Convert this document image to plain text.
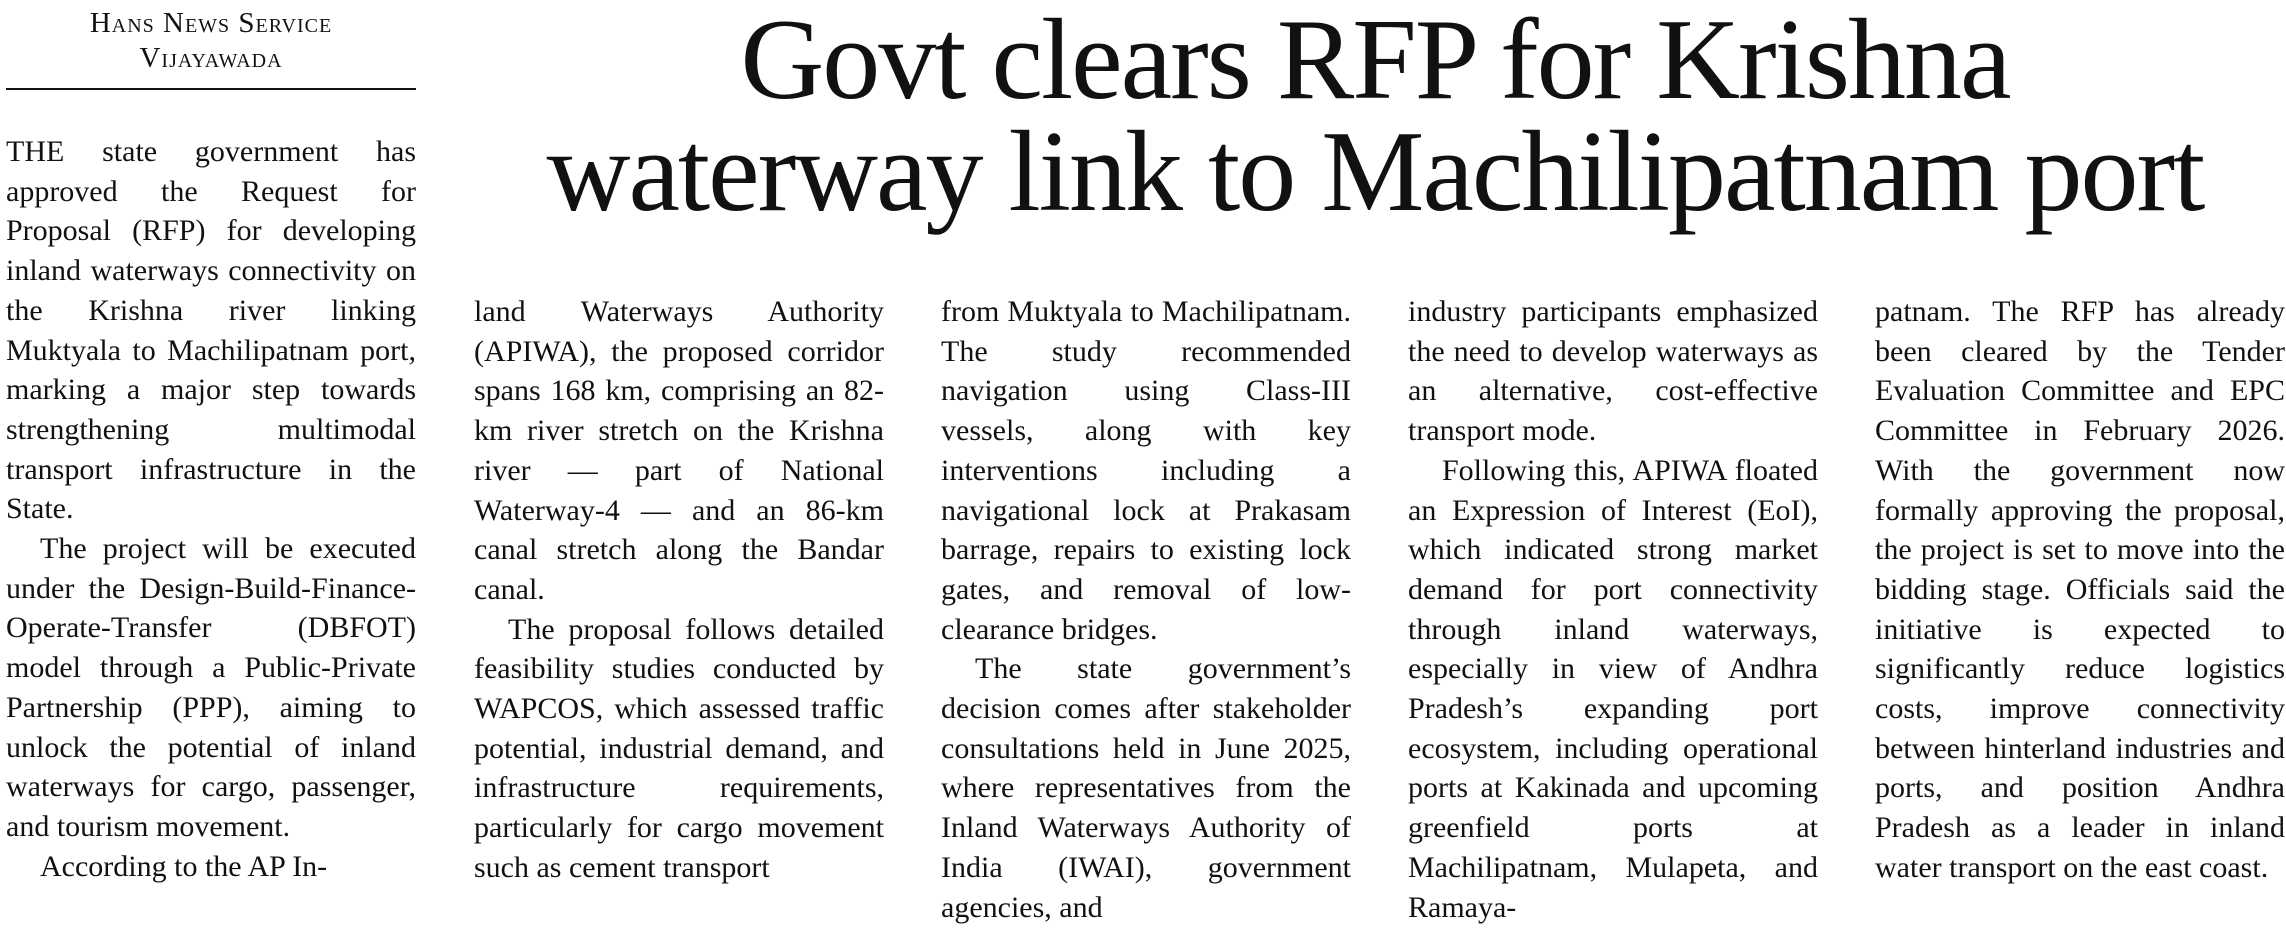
Hans News Service
Vijayawada	Govt clears RFP for Krishna
waterway link to Machilipatnam port

THE state government has approved the Request for Proposal (RFP) for developing inland waterways connectivity on the Krishna river linking Muktyala to Machilipatnam port, marking a major step towards strengthening multimodal transport infrastructure in the State.

The project will be executed under the Design-Build-Finance-Operate-Transfer (DBFOT) model through a Public-Private Partnership (PPP), aiming to unlock the potential of inland waterways for cargo, passenger, and tourism movement.

According to the AP In-

land Waterways Authority (APIWA), the proposed corridor spans 168 km, comprising an 82-km river stretch on the Krishna river — part of National Waterway-4 — and an 86-km canal stretch along the Bandar canal.

The proposal follows detailed feasibility studies conducted by WAPCOS, which assessed traffic potential, industrial demand, and infrastructure requirements, particularly for cargo movement such as cement transport

from Muktyala to Machilipatnam. The study recommended navigation using Class-III vessels, along with key interventions including a navigational lock at Prakasam barrage, repairs to existing lock gates, and removal of low-clearance bridges.

The state government’s decision comes after stakeholder consultations held in June 2025, where representatives from the Inland Waterways Authority of India (IWAI), government agencies, and

industry participants emphasized the need to develop waterways as an alternative, cost-effective transport mode.

Following this, APIWA floated an Expression of Interest (EoI), which indicated strong market demand for port connectivity through inland waterways, especially in view of Andhra Pradesh’s expanding port ecosystem, including operational ports at Kakinada and upcoming greenfield ports at Machilipatnam, Mulapeta, and Ramaya-

patnam. The RFP has already been cleared by the Tender Evaluation Committee and EPC Committee in February 2026. With the government now formally approving the proposal, the project is set to move into the bidding stage. Officials said the initiative is expected to significantly reduce logistics costs, improve connectivity between hinterland industries and ports, and position Andhra Pradesh as a leader in inland water transport on the east coast.
